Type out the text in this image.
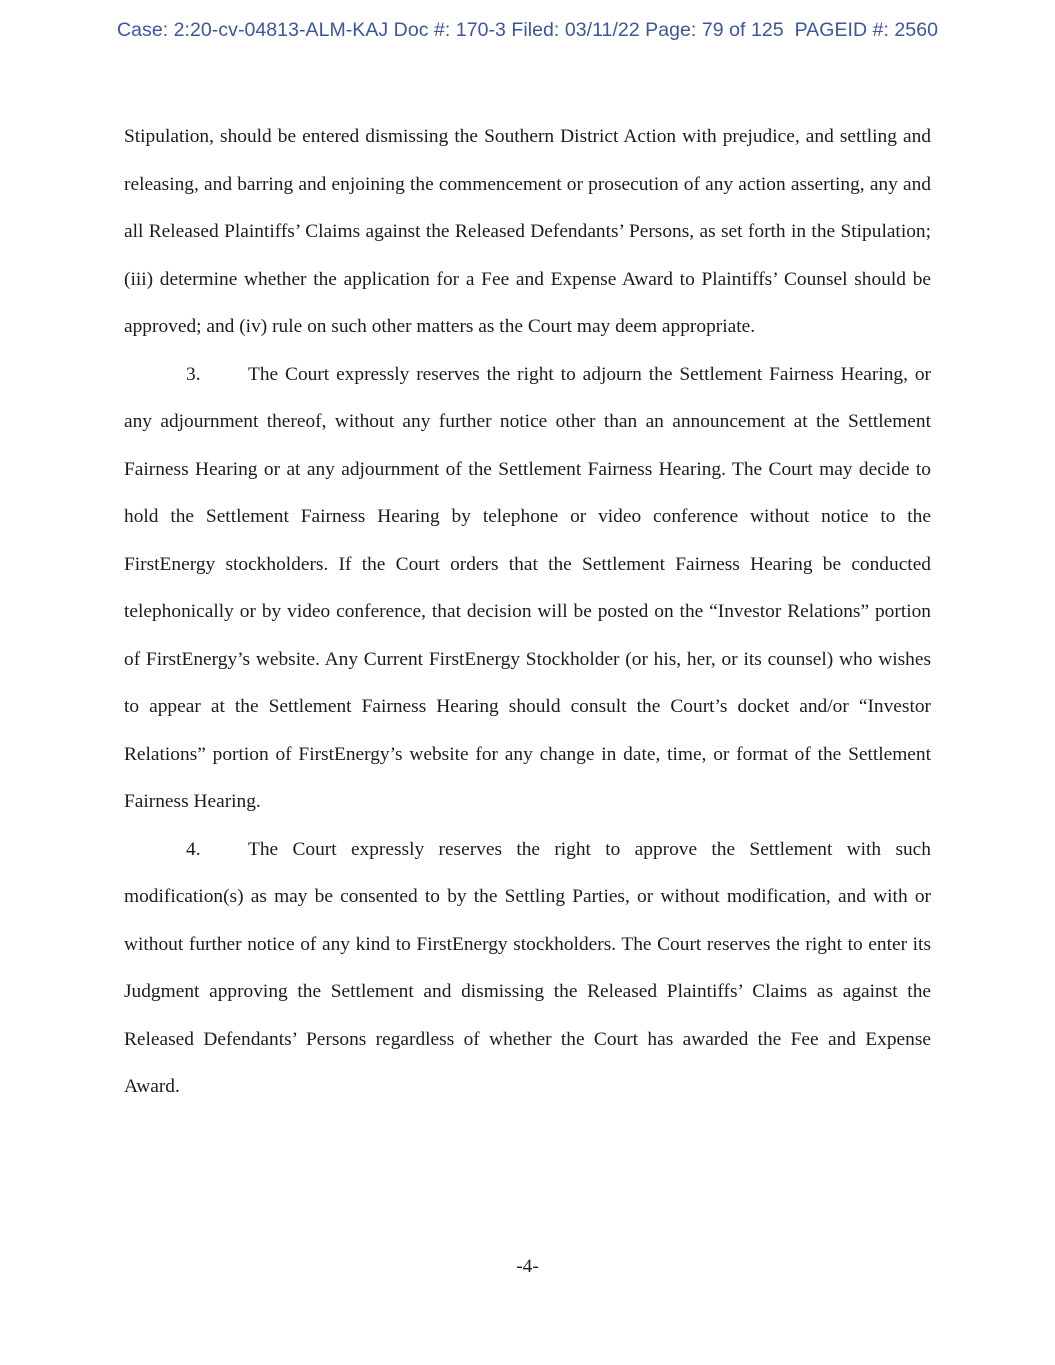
Case: 2:20-cv-04813-ALM-KAJ Doc #: 170-3 Filed: 03/11/22 Page: 79 of 125  PAGEID #: 2560

Stipulation, should be entered dismissing the Southern District Action with prejudice, and settling and releasing, and barring and enjoining the commencement or prosecution of any action asserting, any and all Released Plaintiffs’ Claims against the Released Defendants’ Persons, as set forth in the Stipulation; (iii) determine whether the application for a Fee and Expense Award to Plaintiffs’ Counsel should be approved; and (iv) rule on such other matters as the Court may deem appropriate.

3. The Court expressly reserves the right to adjourn the Settlement Fairness Hearing, or any adjournment thereof, without any further notice other than an announcement at the Settlement Fairness Hearing or at any adjournment of the Settlement Fairness Hearing. The Court may decide to hold the Settlement Fairness Hearing by telephone or video conference without notice to the FirstEnergy stockholders. If the Court orders that the Settlement Fairness Hearing be conducted telephonically or by video conference, that decision will be posted on the “Investor Relations” portion of FirstEnergy’s website. Any Current FirstEnergy Stockholder (or his, her, or its counsel) who wishes to appear at the Settlement Fairness Hearing should consult the Court’s docket and/or “Investor Relations” portion of FirstEnergy’s website for any change in date, time, or format of the Settlement Fairness Hearing.

4. The Court expressly reserves the right to approve the Settlement with such modification(s) as may be consented to by the Settling Parties, or without modification, and with or without further notice of any kind to FirstEnergy stockholders. The Court reserves the right to enter its Judgment approving the Settlement and dismissing the Released Plaintiffs’ Claims as against the Released Defendants’ Persons regardless of whether the Court has awarded the Fee and Expense Award.

-4-
